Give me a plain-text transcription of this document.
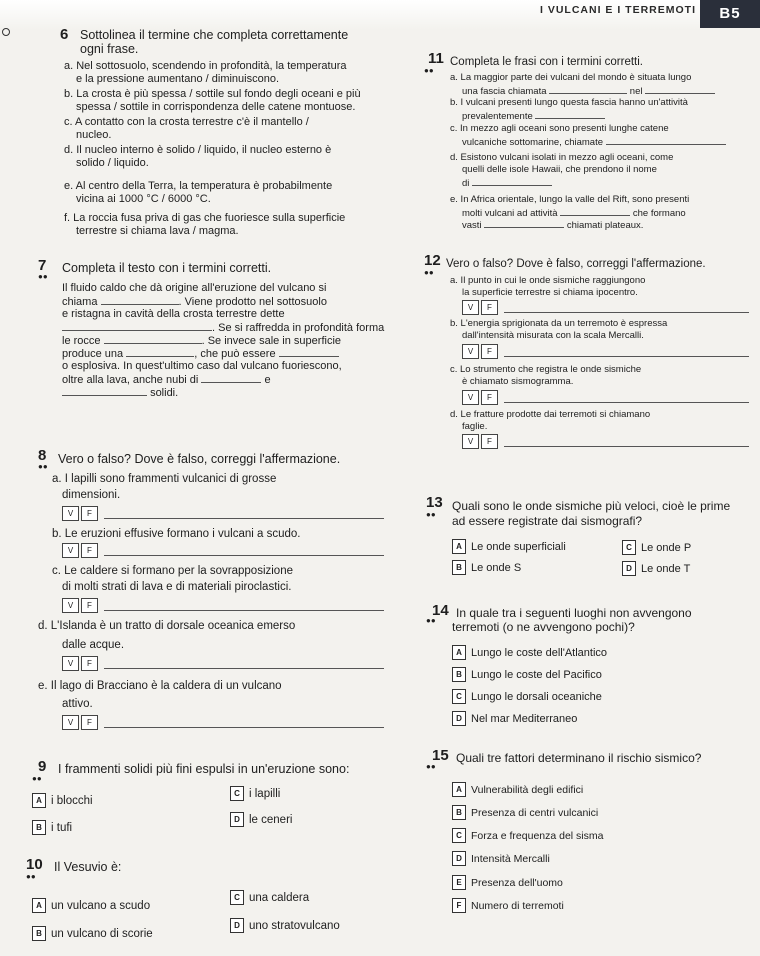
I VULCANI E I TERREMOTI	B5
6 Sottolinea il termine che completa correttamente
ogni frase.
a. Nel sottosuolo, scendendo in profondità, la temperatura
e la pressione aumentano / diminuiscono.
b. La crosta è più spessa / sottile sul fondo degli oceani e più
spessa / sottile in corrispondenza delle catene montuose.
c. A contatto con la crosta terrestre c'è il mantello /
nucleo.
d. Il nucleo interno è solido / liquido, il nucleo esterno è
solido / liquido.
e. Al centro della Terra, la temperatura è probabilmente
vicina ai 1000 °C / 6000 °C.
f. La roccia fusa priva di gas che fuoriesce sulla superficie
terrestre si chiama lava / magma.
7
●●
Completa il testo con i termini corretti.
Il fluido caldo che dà origine all'eruzione del vulcano si
chiama	. Viene prodotto nel sottosuolo
e ristagna in cavità della crosta terrestre dette
. Se si raffredda in profondità forma
le rocce	. Se invece sale in superficie
produce una	, che può essere
o esplosiva. In quest'ultimo caso dal vulcano fuoriescono,
oltre alla lava, anche nubi di	e
solidi.
8
●●
Vero o falso? Dove è falso, correggi l'affermazione.
a. I lapilli sono frammenti vulcanici di grosse
dimensioni.
V	F
b. Le eruzioni effusive formano i vulcani a scudo.
V	F
c. Le caldere si formano per la sovrapposizione
di molti strati di lava e di materiali piroclastici.
V	F
d. L'Islanda è un tratto di dorsale oceanica emerso
dalle acque.
V	F
e. Il lago di Bracciano è la caldera di un vulcano
attivo.
V	F
9
●●
I frammenti solidi più fini espulsi in un'eruzione sono:
A i blocchi
B i tufi
C i lapilli
D le ceneri
10
●●
Il Vesuvio è:
A un vulcano a scudo
B un vulcano di scorie
C una caldera
D uno stratovulcano
11
●●
Completa le frasi con i termini corretti.
a. La maggior parte dei vulcani del mondo è situata lungo
una fascia chiamata	nel
b. I vulcani presenti lungo questa fascia hanno un'attività
prevalentemente
c. In mezzo agli oceani sono presenti lunghe catene
vulcaniche sottomarine, chiamate
d. Esistono vulcani isolati in mezzo agli oceani, come
quelli delle isole Hawaii, che prendono il nome
di
e. In Africa orientale, lungo la valle del Rift, sono presenti
molti vulcani ad attività	che formano
vasti	chiamati plateaux.
12
●●
Vero o falso? Dove è falso, correggi l'affermazione.
a. Il punto in cui le onde sismiche raggiungono
la superficie terrestre si chiama ipocentro.
V	F
b. L'energia sprigionata da un terremoto è espressa
dall'intensità misurata con la scala Mercalli.
V	F
c. Lo strumento che registra le onde sismiche
è chiamato sismogramma.
V	F
d. Le fratture prodotte dai terremoti si chiamano
faglie.
V	F
13
●●
Quali sono le onde sismiche più veloci, cioè le prime
ad essere registrate dai sismografi?
A Le onde superficiali
B Le onde S
C Le onde P
D Le onde T
14
●●
In quale tra i seguenti luoghi non avvengono
terremoti (o ne avvengono pochi)?
A Lungo le coste dell'Atlantico
B Lungo le coste del Pacifico
C Lungo le dorsali oceaniche
D Nel mar Mediterraneo
15
●●
Quali tre fattori determinano il rischio sismico?
A Vulnerabilità degli edifici
B Presenza di centri vulcanici
C Forza e frequenza del sisma
D Intensità Mercalli
E Presenza dell'uomo
F Numero di terremoti
